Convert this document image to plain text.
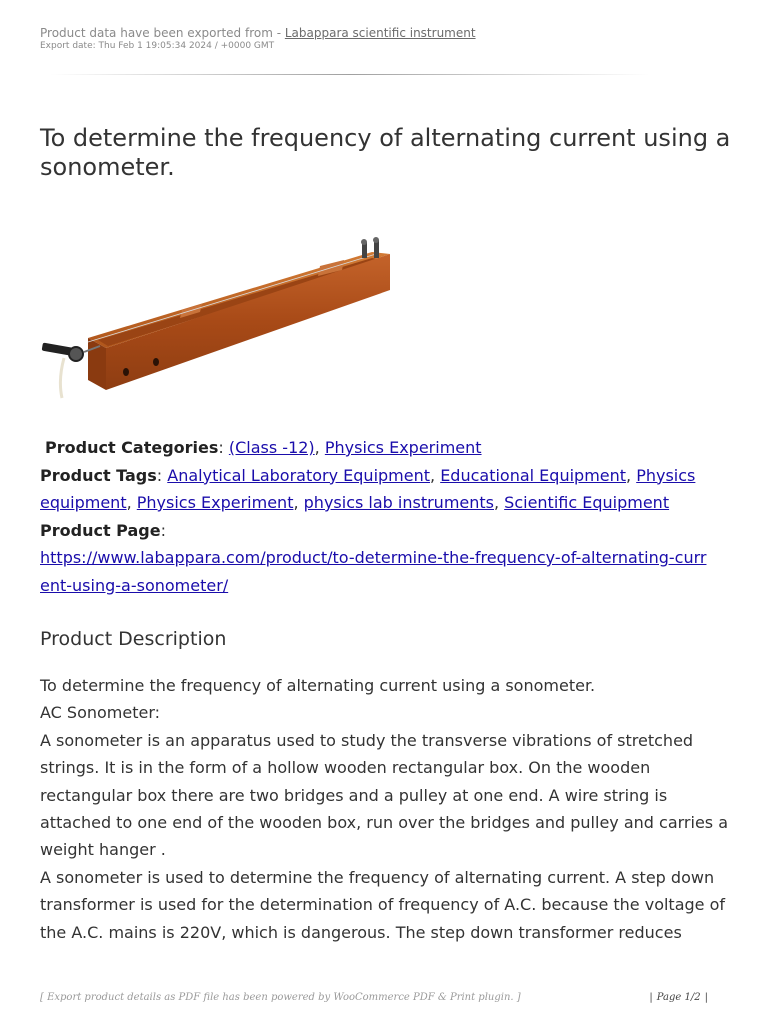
Product data have been exported from - Labappara scientific instrument
Export date: Thu Feb 1 19:05:34 2024 / +0000 GMT
To determine the frequency of alternating current using a sonometer.
Product Categories: (Class -12), Physics Experiment
Product Tags: Analytical Laboratory Equipment, Educational Equipment, Physics equipment, Physics Experiment, physics lab instruments, Scientific Equipment
Product Page:
https://www.labappara.com/product/to-determine-the-frequency-of-alternating-curr
ent-using-a-sonometer/
Product Description

To determine the frequency of alternating current using a sonometer.

AC Sonometer:

A sonometer is an apparatus used to study the transverse vibrations of stretched strings. It is in the form of a hollow wooden rectangular box. On the wooden rectangular box there are two bridges and a pulley at one end. A wire string is attached to one end of the wooden box, run over the bridges and pulley and carries a weight hanger .

A sonometer is used to determine the frequency of alternating current. A step down transformer is used for the determination of frequency of A.C. because the voltage of the A.C. mains is 220V, which is dangerous. The step down transformer reduces

[ Export product details as PDF file has been powered by WooCommerce PDF & Print plugin. ]	| Page 1/2 |
